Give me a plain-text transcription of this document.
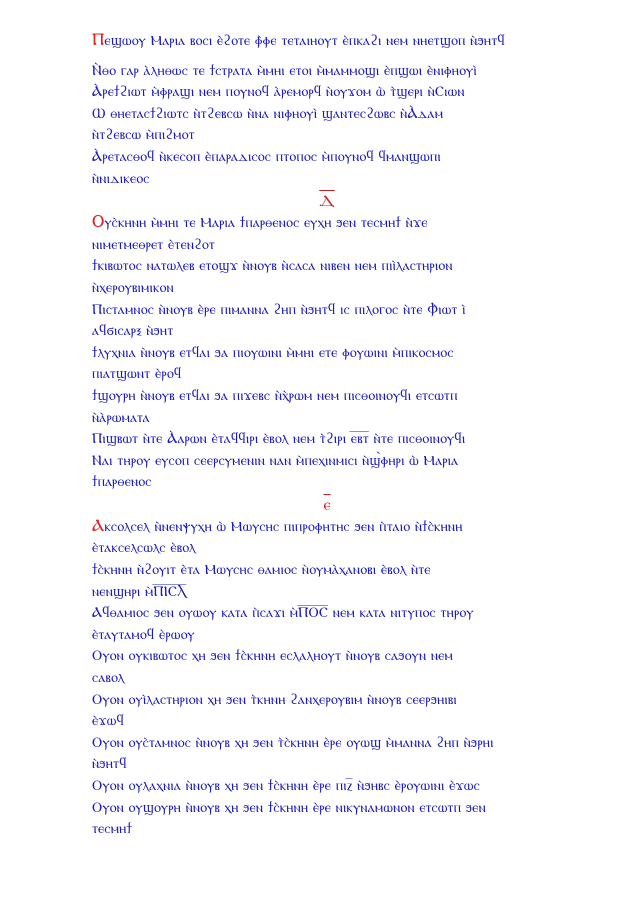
Ⲡⲉϣⲱⲟⲩ Ⲙⲁⲣⲓⲁ ⲃⲟⲥⲓ ⲉ̀ϩⲟⲧⲉ ⲫ̀ⲫⲉ ⲧⲉⲧⲁⲓⲏⲟⲩⲧ ⲉ̀ⲡⲕⲁϩⲓ ⲛⲉⲙ ⲛⲏⲉⲧϣⲟⲡ ⲛ̀ϧⲏⲧϥ
Ⲛ̀ⲑⲟ ⲅⲁⲣ ⲁ̀ⲗⲏⲑⲱⲥ ⲧⲉ ϯⲥⲧⲣⲁⲧⲁ ⲙ̀ⲙⲏⲓ ⲉⲧⲟⲓ ⲙ̀ⲙⲁⲙⲙⲟϣⲓ ⲉ̀ⲡϣⲱⲓ ⲉ̀ⲛⲓⲫⲏⲟⲩⲓ̀
Ⲁ̀ⲣⲉϯϩⲓⲱⲧ ⲙ̀ⲫⲣⲁϣⲓ ⲛⲉⲙ ⲡⲟⲩⲛⲟϥ ⲁ̀ⲣⲉⲙⲟⲣϥ ⲛ̀ⲟⲩϫⲟⲙ ⲱ̀ ⲧ̀ϣⲉⲣⲓ ⲛ̀Ⲥⲓⲱⲛ
Ⲱ ⲑⲏⲉⲧⲁⲥϯϩⲓⲱⲧⲥ ⲛ̀ⲧϩⲉⲃⲥⲱ ⲛ̀ⲛⲁ ⲛⲓⲫⲏⲟⲩⲓ̀ ϣⲁⲛⲧⲉⲥϩⲱⲃⲥ ⲛ̀Ⲁ̀ⲇⲁⲙ
ⲛ̀ⲧϩⲉⲃⲥⲱ ⲙ̀ⲡⲓϩⲙⲟⲧ
Ⲁ̀ⲣⲉⲧⲁⲥⲑⲟϥ ⲛ̀ⲕⲉⲥⲟⲡ ⲉ̀ⲡⲁⲣⲁⲇⲓⲥⲟⲥ ⲡⲧⲟⲡⲟⲥ ⲙ̀ⲡⲟⲩⲛⲟϥ ϥⲙⲁⲛϣⲱⲡⲓ
ⲛ̀ⲛⲓⲇⲓⲕⲉⲟⲥ
Ⲇ
Ⲟⲩⲥ̀ⲕⲏⲛⲏ ⲙ̀ⲙⲏⲓ ⲧⲉ Ⲙⲁⲣⲓⲁ ϯⲡⲁⲣⲑⲉⲛⲟⲥ ⲉⲩⲭⲏ ϧⲉⲛ ⲧⲉⲥⲙⲏϯ ⲛ̀ϫⲉ
ⲛⲓⲙⲉⲧⲙⲉⲑⲣⲉⲧ ⲉ̀ⲧⲉⲛϩⲟⲧ
ϯⲕⲓⲃⲱⲧⲟⲥ ⲛⲁⲧⲱⲗⲉⲃ ⲉⲧⲟϣϫ ⲛ̀ⲛⲟⲩⲃ ⲛ̀ⲥⲁⲥⲁ ⲛⲓⲃⲉⲛ ⲛⲉⲙ ⲡⲓⲓ̀ⲗⲁⲥⲧⲏⲣⲓⲟⲛ
ⲛ̀ⲭⲉⲣⲟⲩⲃⲓⲙⲓⲕⲟⲛ
Ⲡⲓⲥⲧⲁⲙⲛⲟⲥ ⲛ̀ⲛⲟⲩⲃ ⲉ̀ⲣⲉ ⲡⲓⲙⲁⲛⲛⲁ ϩⲏⲡ ⲛ̀ϧⲏⲧϥ ⲓⲥ ⲡⲓⲗⲟⲅⲟⲥ ⲛ̀ⲧⲉ Ⲫ̀ⲓⲱⲧ ⲓ̀
ⲁϥϭⲓⲥⲁⲣⲝ ⲛ̀ϧⲏⲧ
ϯⲗⲩⲭⲛⲓⲁ ⲛ̀ⲛⲟⲩⲃ ⲉⲧϥⲁⲓ ϧⲁ ⲡⲓⲟⲩⲱⲓⲛⲓ ⲙ̀ⲙⲏⲓ ⲉⲧⲉ ⲫⲟⲩⲱⲓⲛⲓ ⲙ̀ⲡⲓⲕⲟⲥⲙⲟⲥ
ⲡⲓⲁⲧϣⲱⲛⲧ ⲉ̀ⲣⲟϥ
ϯϣⲟⲩⲣⲏ ⲛ̀ⲛⲟⲩⲃ ⲉⲧϥⲁⲓ ϧⲁ ⲡⲓϫⲉⲃⲥ ⲛ̀ⲭ̀ⲣⲱⲙ ⲛⲉⲙ ⲡⲓⲥⲑⲟⲓⲛⲟⲩϥⲓ ⲉⲧⲥⲱⲧⲡ
ⲛ̀ⲁ̀ⲣⲱⲙⲁⲧⲁ
Ⲡⲓϣⲃⲱⲧ ⲛ̀ⲧⲉ Ⲁ̀ⲁⲣⲱⲛ ⲉ̀ⲧⲁϥϥⲓⲣⲓ ⲉ̀ⲃⲟⲗ ⲛⲉⲙ ⲧ̀ϩⲓⲣⲓ ⲉ̅ⲃ̅ⲧ̅ ⲛ̀ⲧⲉ ⲡⲓⲥⲑⲟⲓⲛⲟⲩϥⲓ
Ⲛⲁⲓ ⲧⲏⲣⲟⲩ ⲉⲩⲥⲟⲡ ⲥⲉⲉⲣⲥⲩⲙⲉⲛⲓⲛ ⲛⲁⲛ ⲙ̀ⲡⲉⲭⲓⲛⲙⲓⲥⲓ ⲛ̀ϣ̀ⲫⲏⲣⲓ ⲱ̀ Ⲙⲁⲣⲓⲁ
ϯⲡⲁⲣⲑⲉⲛⲟⲥ
ⲉ
Ⲁⲕⲥⲟⲗⲥⲉⲗ ⲛ̀ⲛⲉⲛⲯⲩⲭⲏ ⲱ̀ Ⲙⲱⲩⲥⲏⲥ ⲡⲓⲡⲣⲟⲫⲏⲧⲏⲥ ϧⲉⲛ ⲡ̀ⲧⲁⲓⲟ ⲛ̀ϯⲥ̀ⲕⲏⲛⲏ
ⲉ̀ⲧⲁⲕⲥⲉⲗⲥⲱⲗⲥ ⲉ̀ⲃⲟⲗ
ϯⲥ̀ⲕⲏⲛⲏ ⲛ̀ϩⲟⲩⲓⲧ ⲉ̀ⲧⲁ Ⲙⲱⲩⲥⲏⲥ ⲑⲁⲙⲓⲟⲥ ⲛ̀ⲟⲩⲙⲁ̀ⲭⲁⲛⲟⲃⲓ ⲉ̀ⲃⲟⲗ ⲛ̀ⲧⲉ
ⲛⲉⲛϣⲏⲣⲓ ⲙ̀Ⲡ̅Ⲓ̅Ⲥ̅Ⲗ̅
Ⲁϥⲑⲁⲙⲓⲟⲥ ϧⲉⲛ ⲟⲩⲱⲟⲩ ⲕⲁⲧⲁ ⲡ̀ⲥⲁϫⲓ ⲙ̀Ⲡ̅Ⲟ̅Ⲥ̅ ⲛⲉⲙ ⲕⲁⲧⲁ ⲛⲓⲧⲩⲡⲟⲥ ⲧⲏⲣⲟⲩ
ⲉ̀ⲧⲁⲩⲧⲁⲙⲟϥ ⲉ̀ⲣⲱⲟⲩ
Ⲟⲩⲟⲛ ⲟⲩⲕⲓⲃⲱⲧⲟⲥ ⲭⲏ ϧⲉⲛ ϯⲥ̀ⲕⲏⲛⲏ ⲉⲥⲗⲁⲗⲏⲟⲩⲧ ⲛ̀ⲛⲟⲩⲃ ⲥⲁϧⲟⲩⲛ ⲛⲉⲙ
ⲥⲁⲃⲟⲗ
Ⲟⲩⲟⲛ ⲟⲩⲓ̀ⲗⲁⲥⲧⲏⲣⲓⲟⲛ ⲭⲏ ϧⲉⲛ ⲧ̀ⲕⲏⲛⲏ ϩⲁⲛⲭⲉⲣⲟⲩⲃⲓⲙ ⲛ̀ⲛⲟⲩⲃ ⲥⲉⲉⲣϧⲏⲓⲃⲓ
ⲉ̀ϫⲱϥ
Ⲟⲩⲟⲛ ⲟⲩⲥ̀ⲧⲁⲙⲛⲟⲥ ⲛ̀ⲛⲟⲩⲃ ⲭⲏ ϧⲉⲛ ⲧ̀ⲥ̀ⲕⲏⲛⲏ ⲉ̀ⲣⲉ ⲟⲩⲱϣ ⲙ̀ⲙⲁⲛⲛⲁ ϩⲏⲡ ⲛ̀ϧⲣⲏⲓ
ⲛ̀ϧⲏⲧϥ
Ⲟⲩⲟⲛ ⲟⲩⲗⲁⲭⲛⲓⲁ ⲛ̀ⲛⲟⲩⲃ ⲭⲏ ϧⲉⲛ ϯⲥ̀ⲕⲏⲛⲏ ⲉ̀ⲣⲉ ⲡⲓⲍ̅ ⲛ̀ϧⲏⲃⲥ ⲉ̀ⲣⲟⲩⲱⲓⲛⲓ ⲉ̀ϫⲱⲥ
Ⲟⲩⲟⲛ ⲟⲩϣⲟⲩⲣⲏ ⲛ̀ⲛⲟⲩⲃ ⲭⲏ ϧⲉⲛ ϯⲥ̀ⲕⲏⲛⲏ ⲉ̀ⲣⲉ ⲛⲓⲕⲩⲛⲁⲙⲱⲛⲟⲛ ⲉⲧⲥⲱⲧⲡ ϧⲉⲛ
ⲧⲉⲥⲙⲏϯ
